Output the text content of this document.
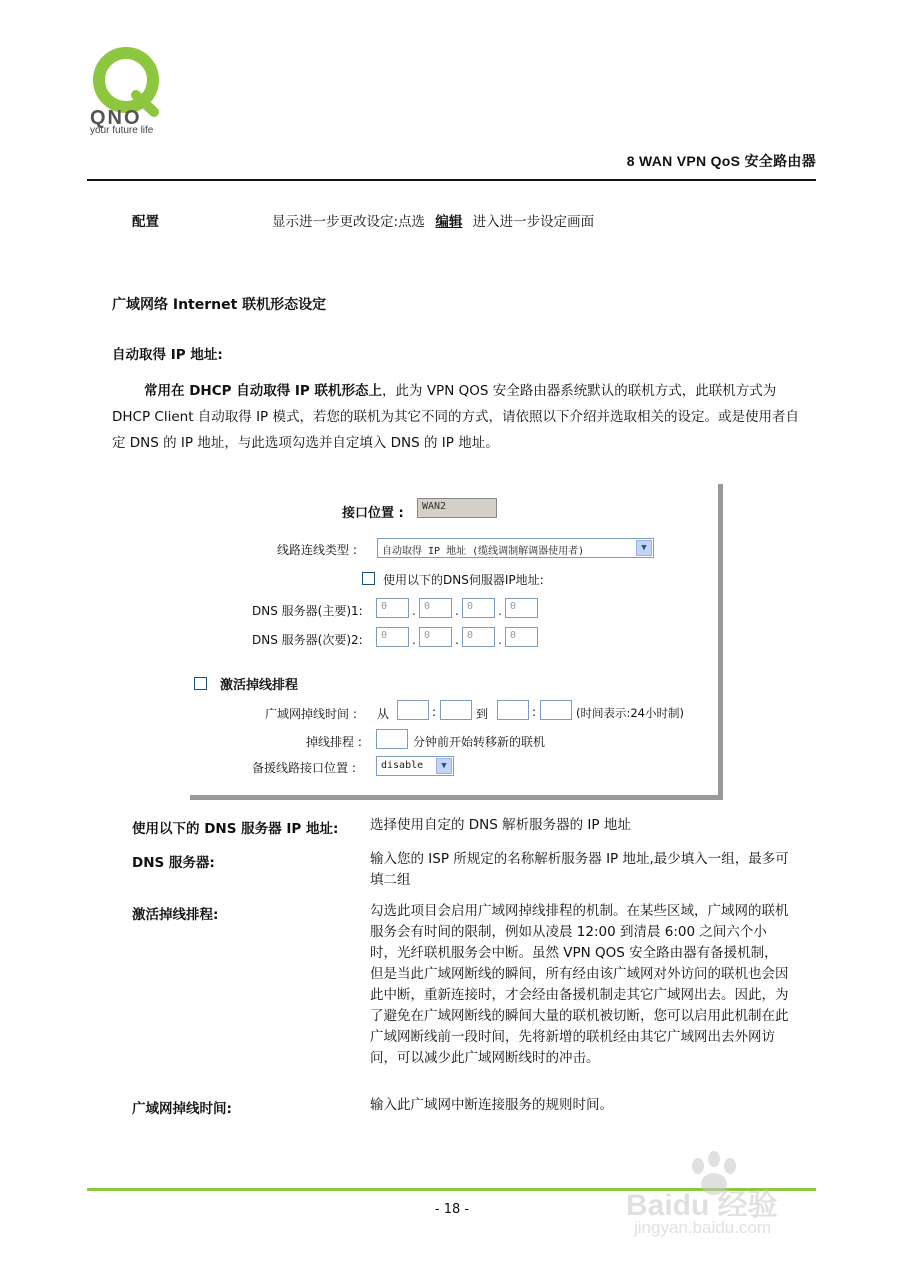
QNO
your future life
8 WAN VPN QoS 安全路由器
配置	显示进一步更改设定:点选 编辑 进入进一步设定画面
广域网络 Internet 联机形态设定
自动取得 IP 地址:
常用在 DHCP 自动取得 IP 联机形态上，此为 VPN QOS 安全路由器系统默认的联机方式，此联机方式为 DHCP Client 自动取得 IP 模式，若您的联机为其它不同的方式，请依照以下介绍并选取相关的设定。或是使用者自定 DNS 的 IP 地址，与此选项勾选并自定填入 DNS 的 IP 地址。
接口位置 :	WAN2
线路连线类型 :	自动取得 IP 地址 (缆线调制解调器使用者)	▼
使用以下的DNS伺服器IP地址:
DNS 服务器(主要)1:	0	. 0	. 0	. 0
DNS 服务器(次要)2:	0	. 0	. 0	. 0
激活掉线排程
广域网掉线时间 : 从	:	到	:	(时间表示:24小时制)
掉线排程 :	分钟前开始转移新的联机
备援线路接口位置 :	disable	▼
使用以下的 DNS 服务器 IP 地址: 选择使用自定的 DNS 解析服务器的 IP 地址
DNS 服务器:	输入您的 ISP 所规定的名称解析服务器 IP 地址,最少填入一组，最多可填二组
激活掉线排程:	勾选此项目会启用广域网掉线排程的机制。在某些区域，广域网的联机服务会有时间的限制，例如从凌晨 12:00 到清晨 6:00 之间六个小时，光纤联机服务会中断。虽然 VPN QOS 安全路由器有备援机制，但是当此广域网断线的瞬间，所有经由该广域网对外访问的联机也会因此中断，重新连接时，才会经由备援机制走其它广域网出去。因此，为了避免在广域网断线的瞬间大量的联机被切断，您可以启用此机制在此广域网断线前一段时间，先将新增的联机经由其它广域网出去外网访问，可以减少此广域网断线时的冲击。
广域网掉线时间:	输入此广域网中断连接服务的规则时间。
- 18 -	Baidu 经验
jingyan.baidu.com
